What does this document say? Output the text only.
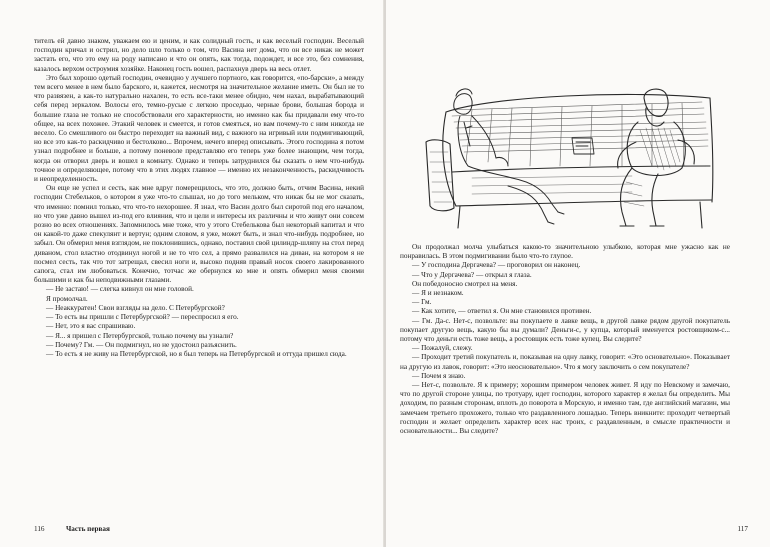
тителъ ей давно знаком, уважаем ею и ценим, и как солидный гость, и как веселый господин. Веселый господин кричал и острил, но дело шло только о том, что Васина нет дома, что он все никак не может застать его, что это ему на роду написано и что он опять, как тогда, подождет, и все это, без сомнения, казалось верхом остроумия хозяйке. Наконец гость вошел, распахнув дверь на весь отлет.

Это был хорошо одетый господин, очевидно у лучшего портного, как говорится, «по-барски», а между тем всего менее в нем было барского, и, кажется, несмотря на значительное желание иметь. Он был не то что развязен, а как-то натурально нахален, то есть все-таки менее обидно, чем нахал, вырабатывающий себя перед зеркалом. Волосы его, темно-русые с легкою проседью, черные брови, большая борода и большие глаза не только не способствовали его характерности, но именно как бы придавали ему что-то общее, на всех похожее. Этакий человек и смеется, и готов смеяться, но вам почему-то с ним никогда не весело. Со смешливого он быстро переходит на важный вид, с важного на игривый или подмигивающий, но все это как-то раскидчиво и бестолково... Впрочем, нечего вперед описывать. Этого господина я потом узнал подробнее и больше, а потому поневоле представляю его теперь уже более знающим, чем тогда, когда он отворил дверь и вошел в комнату. Однако и теперь затруднился бы сказать о нем что-нибудь точное и определяющее, потому что в этих людях главное — именно их незаконченность, раскидчивость и неопределенность.

Он еще не успел и сесть, как мне вдруг померещилось, что это, должно быть, отчим Васина, некий господин Стебельков, о котором я уже что-то слышал, но до того мельком, что никак бы не мог сказать, что именно: помнил только, что что-то нехорошее. Я знал, что Васин долго был сиротой под его началом, но что уже давно вышел из-под его влияния, что и цели и интересы их различны и что живут они совсем розно во всех отношениях. Запомнилось мне тоже, что у этого Стебелькова был некоторый капитал и что он какой-то даже спекулянт и вертун; одним словом, я уже, может быть, и знал что-нибудь подробнее, но забыл. Он обмерил меня взглядом, не поклонившись, однако, поставил свой цилиндр-шляпу на стол перед диваном, стол властно отодвинул ногой и не то что сел, а прямо развалился на диван, на котором я не посмел сесть, так что тот затрещал, свесил ноги и, высоко подняв правый носок своего лакированного сапога, стал им любоваться. Конечно, тотчас же обернулся ко мне и опять обмерил меня своими большими и как бы неподвижными глазами.

— Не застаю! — слегка кивнул он мне головой.

Я промолчал.

— Неаккуратен! Свои взгляды на дело. С Петербургской?

— То есть вы пришли с Петербургской? — переспросил я его.

— Нет, это я вас спрашиваю.

— Я... я пришел с Петербургской, только почему вы узнали?

— Почему? Гм. — Он подмигнул, но не удостоил разъяснить.

— То есть я не живу на Петербургской, но я был теперь на Петербургской и оттуда пришел сюда.

116	Часть первая

Он продолжал молча улыбаться какою-то значительною улыбкою, которая мне ужасно как не понравилась. В этом подмигивании было что-то глупое.

— У господина Дергачева? — проговорил он наконец.

— Что у Дергачева? — открыл я глаза.

Он победоносно смотрел на меня.

— Я и незнаком.

— Гм.

— Как хотите, — ответил я. Он мне становился противен.

— Гм. Да-с. Нет-с, позвольте: вы покупаете в лавке вещь, в другой лавке рядом другой покупатель покупает другую вещь, какую бы вы думали? Деньги-с, у купца, который именуется ростовщиком-с... потому что деньги есть тоже вещь, а ростовщик есть тоже купец. Вы следите?

— Пожалуй, слежу.

— Проходит третий покупатель и, показывая на одну лавку, говорит: «Это основательно». Показывает на другую из лавок, говорит: «Это неосновательно». Что я могу заключить о сем покупателе?

— Почем я знаю.

— Нет-с, позвольте. Я к примеру; хорошим примером человек живет. Я иду по Невскому и замечаю, что по другой стороне улицы, по тротуару, идет господин, которого характер я желал бы определить. Мы доходим, по разным сторонам, вплоть до поворота в Морскую, и именно там, где английский магазин, мы замечаем третьего прохожего, только что раздавленного лошадью. Теперь вникните: проходит четвертый господин и желает определить характер всех нас троих, с раздавленным, в смысле практичности и основательности... Вы следите?

117
